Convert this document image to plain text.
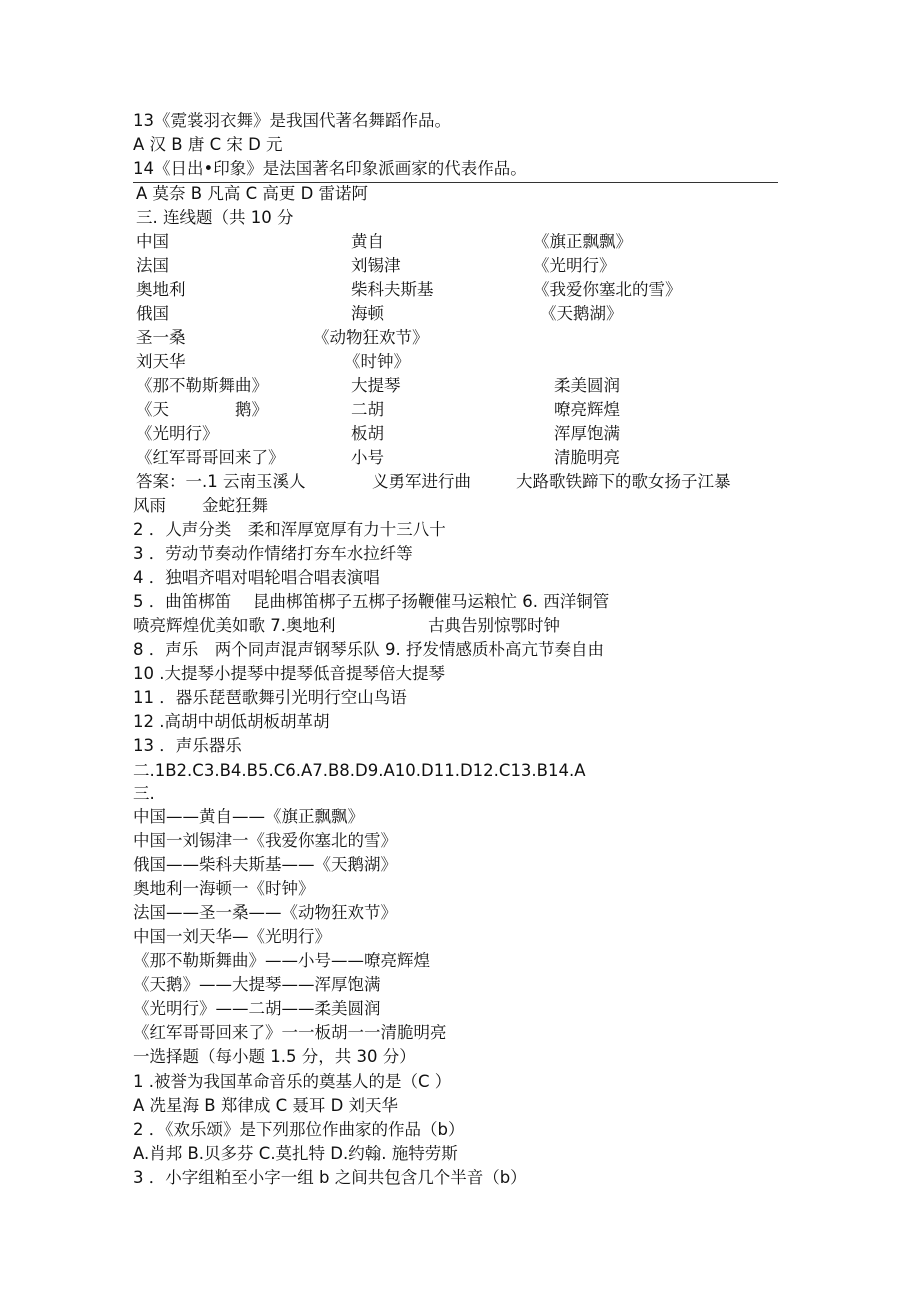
13《霓裳羽衣舞》是我国代著名舞蹈作品。
A 汉 B 唐 C 宋 D 元
14《日出•印象》是法国著名印象派画家的代表作品。
A 莫奈 B 凡高 C 高更 D 雷诺阿
三. 连线题（共 10 分
中国	黄自	《旗正飘飘》
法国	刘锡津	《光明行》
奥地利	柴科夫斯基	《我爱你塞北的雪》
俄国	海顿	《天鹅湖》
圣一桑	《动物狂欢节》
刘天华	《时钟》
《那不勒斯舞曲》	大提琴	柔美圆润
《天　　　　鹅》	二胡	嘹亮辉煌
《光明行》	板胡	浑厚饱满
《红军哥哥回来了》	小号	清脆明亮
答案：一.1 云南玉溪人	义勇军进行曲	大路歌铁蹄下的歌女扬子江暴
风雨 金蛇狂舞
2 ．人声分类　柔和浑厚宽厚有力十三八十
3 ．劳动节奏动作情绪打夯车水拉纤等
4 ．独唱齐唱对唱轮唱合唱表演唱
5 ．曲笛梆笛　 昆曲梆笛梆子五梆子扬鞭催马运粮忙 6. 西洋铜管
喷亮辉煌优美如歌 7.奥地利	古典告别惊鄂时钟
8 ．声乐　两个同声混声钢琴乐队 9. 抒发情感质朴高亢节奏自由
10 .大提琴小提琴中提琴低音提琴倍大提琴
11 ．器乐琵琶歌舞引光明行空山鸟语
12 .高胡中胡低胡板胡革胡
13 ．声乐器乐
二.1B2.C3.B4.B5.C6.A7.B8.D9.A10.D11.D12.C13.B14.A
三.
中国——黄自——《旗正飘飘》
中国一刘锡津一《我爱你塞北的雪》
俄国——柴科夫斯基——《天鹅湖》
奥地利一海顿一《时钟》
法国——圣一桑——《动物狂欢节》
中国一刘天华—《光明行》
《那不勒斯舞曲》——小号——嘹亮辉煌
《天鹅》——大提琴——浑厚饱满
《光明行》——二胡——柔美圆润
《红军哥哥回来了》一一板胡一一清脆明亮
一选择题（每小题 1.5 分，共 30 分）
1 .被誉为我国革命音乐的奠基人的是（C ）
A 冼星海 B 郑律成 C 聂耳 D 刘天华
2 ．《欢乐颂》是下列那位作曲家的作品（b）
A.肖邦 B.贝多芬 C.莫扎特 D.约翰. 施特劳斯
3 ．小字组粕至小字一组 b 之间共包含几个半音（b）
